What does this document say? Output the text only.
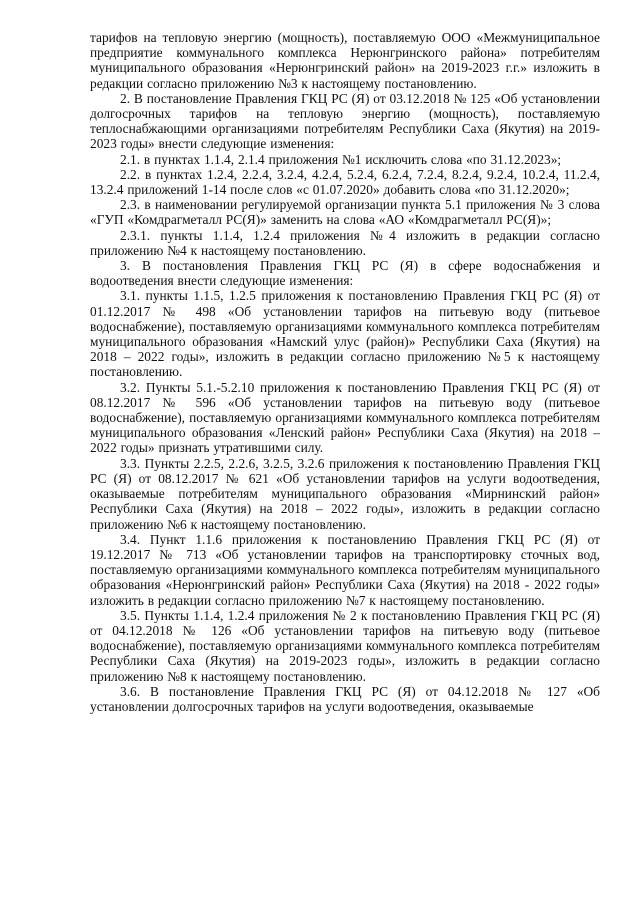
тарифов на тепловую энергию (мощность), поставляемую ООО «Межмуниципальное предприятие коммунального комплекса Нерюнгринского района» потребителям муниципального образования «Нерюнгринский район» на 2019-2023 г.г.» изложить в редакции согласно приложению №3 к настоящему постановлению.

2. В постановление Правления ГКЦ РС (Я) от 03.12.2018 № 125 «Об установлении долгосрочных тарифов на тепловую энергию (мощность), поставляемую теплоснабжающими организациями потребителям Республики Саха (Якутия) на 2019-2023 годы» внести следующие изменения:

2.1. в пунктах 1.1.4, 2.1.4 приложения №1 исключить слова «по 31.12.2023»;

2.2. в пунктах 1.2.4, 2.2.4, 3.2.4, 4.2.4, 5.2.4, 6.2.4, 7.2.4, 8.2.4, 9.2.4, 10.2.4, 11.2.4, 13.2.4 приложений 1-14 после слов «с 01.07.2020» добавить слова «по 31.12.2020»;

2.3. в наименовании регулируемой организации пункта 5.1 приложения № 3 слова «ГУП «Комдрагметалл РС(Я)» заменить на слова «АО «Комдрагметалл РС(Я)»;

2.3.1. пункты 1.1.4, 1.2.4 приложения №4 изложить в редакции согласно приложению №4 к настоящему постановлению.

3. В постановления Правления ГКЦ РС (Я) в сфере водоснабжения и водоотведения внести следующие изменения:

3.1. пункты 1.1.5, 1.2.5 приложения к постановлению Правления ГКЦ РС (Я) от 01.12.2017 № 498 «Об установлении тарифов на питьевую воду (питьевое водоснабжение), поставляемую организациями коммунального комплекса потребителям муниципального образования «Намский улус (район)» Республики Саха (Якутия) на 2018 – 2022 годы», изложить в редакции согласно приложению №5 к настоящему постановлению.

3.2. Пункты 5.1.-5.2.10 приложения к постановлению Правления ГКЦ РС (Я) от 08.12.2017 № 596 «Об установлении тарифов на питьевую воду (питьевое водоснабжение), поставляемую организациями коммунального комплекса потребителям муниципального образования «Ленский район» Республики Саха (Якутия) на 2018 – 2022 годы» признать утратившими силу.

3.3. Пункты 2.2.5, 2.2.6, 3.2.5, 3.2.6 приложения к постановлению Правления ГКЦ РС (Я) от 08.12.2017 № 621 «Об установлении тарифов на услуги водоотведения, оказываемые потребителям муниципального образования «Мирнинский район» Республики Саха (Якутия) на 2018 – 2022 годы», изложить в редакции согласно приложению №6 к настоящему постановлению.

3.4. Пункт 1.1.6 приложения к постановлению Правления ГКЦ РС (Я) от 19.12.2017 № 713 «Об установлении тарифов на транспортировку сточных вод, поставляемую организациями коммунального комплекса потребителям муниципального образования «Нерюнгринский район» Республики Саха (Якутия) на 2018 - 2022 годы» изложить в редакции согласно приложению №7 к настоящему постановлению.

3.5. Пункты 1.1.4, 1.2.4 приложения № 2 к постановлению Правления ГКЦ РС (Я) от 04.12.2018 № 126 «Об установлении тарифов на питьевую воду (питьевое водоснабжение), поставляемую организациями коммунального комплекса потребителям Республики Саха (Якутия) на 2019-2023 годы», изложить в редакции согласно приложению №8 к настоящему постановлению.

3.6. В постановление Правления ГКЦ РС (Я) от 04.12.2018 № 127 «Об установлении долгосрочных тарифов на услуги водоотведения, оказываемые
